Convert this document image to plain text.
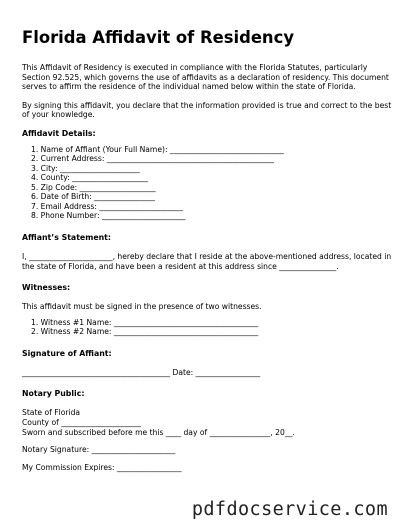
Florida Affidavit of Residency

This Affidavit of Residency is executed in compliance with the Florida Statutes, particularly Section 92.525, which governs the use of affidavits as a declaration of residency. This document serves to affirm the residence of the individual named below within the state of Florida.

By signing this affidavit, you declare that the information provided is true and correct to the best of your knowledge.

Affidavit Details:
1. Name of Affiant (Your Full Name): ______________________________
2. Current Address: ____________________________________________
3. City: _____________________
4. County: ____________________
5. Zip Code: ____________________
6. Date of Birth: ________________
7. Email Address: ______________________
8. Phone Number: ______________________
Affiant’s Statement:

I, ______________________, hereby declare that I reside at the above-mentioned address, located in the state of Florida, and have been a resident at this address since _______________.

Witnesses:

This affidavit must be signed in the presence of two witnesses.

1. Witness #1 Name: ______________________________________
2. Witness #2 Name: ______________________________________
Signature of Affiant:
_______________________________________ Date: _________________
Notary Public:
State of Florida
County of _____________________
Sworn and subscribed before me this ____ day of ________________, 20__.
Notary Signature: ______________________
My Commission Expires: _________________
pdfdocservice.com
